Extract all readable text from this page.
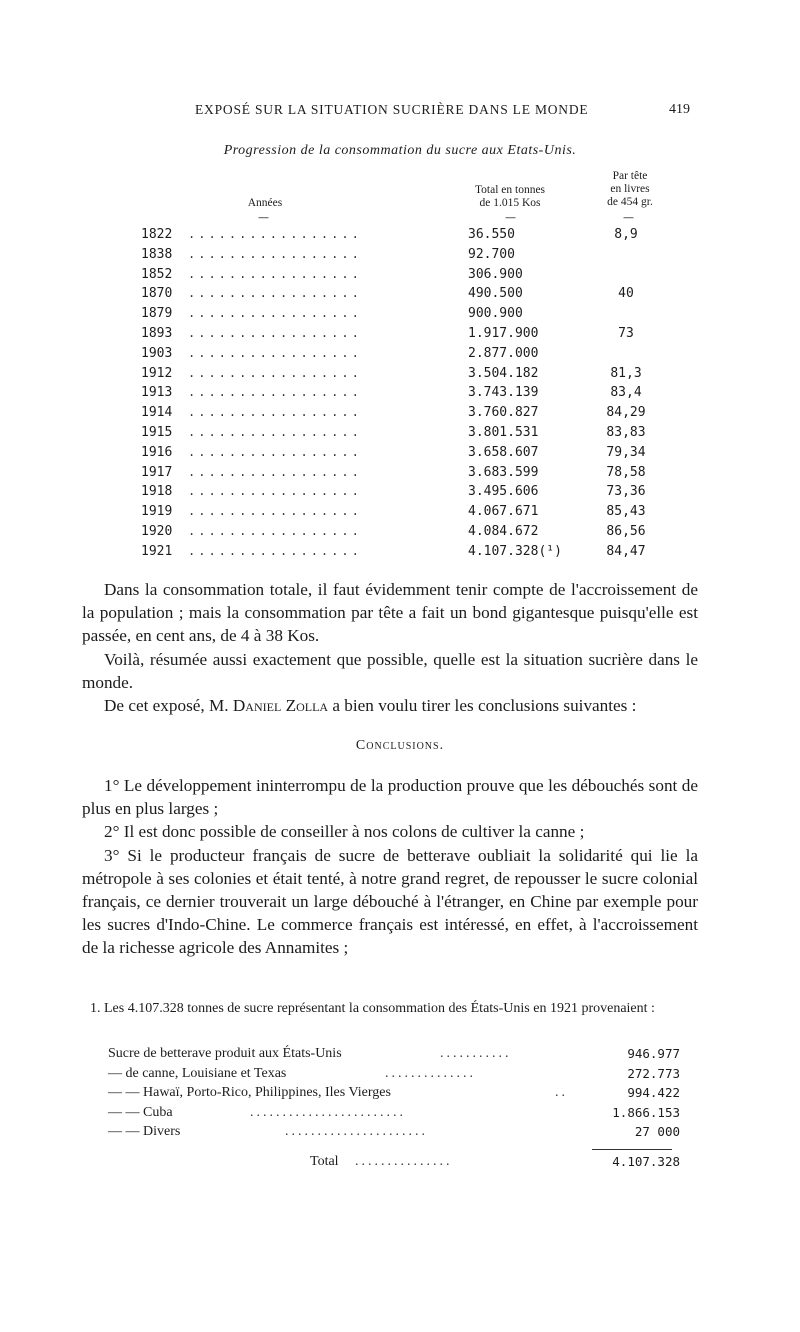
EXPOSÉ SUR LA SITUATION SUCRIÈRE DANS LE MONDE	419
Progression de la consommation du sucre aux Etats-Unis.
Par tête
en livres
de 454 gr.
Total en tonnes
de 1.015 Kos
Années
—	—	—
1822 .................	36.550	8,9
1838 .................	92.700
1852 .................	306.900
1870 .................	490.500	40
1879 .................	900.900
1893 .................	1.917.900	73
1903 .................	2.877.000
1912 .................	3.504.182	81,3
1913 .................	3.743.139	83,4
1914 .................	3.760.827	84,29
1915 .................	3.801.531	83,83
1916 .................	3.658.607	79,34
1917 .................	3.683.599	78,58
1918 .................	3.495.606	73,36
1919 .................	4.067.671	85,43
1920 .................	4.084.672	86,56
1921 .................	4.107.328(¹)	84,47
Dans la consommation totale, il faut évidemment tenir compte de l'accroissement de la population ; mais la consommation par tête a fait un bond gigantesque puisqu'elle est passée, en cent ans, de 4 à 38 Kos.
Voilà, résumée aussi exactement que possible, quelle est la situation sucrière dans le monde.
De cet exposé, M. Daniel Zolla a bien voulu tirer les conclusions suivantes :
Conclusions.
1° Le développement ininterrompu de la production prouve que les débouchés sont de plus en plus larges ;
2° Il est donc possible de conseiller à nos colons de cultiver la canne ;
3° Si le producteur français de sucre de betterave oubliait la solidarité qui lie la métropole à ses colonies et était tenté, à notre grand regret, de repousser le sucre colonial français, ce dernier trouverait un large débouché à l'étranger, en Chine par exemple pour les sucres d'Indo-Chine. Le commerce français est intéressé, en effet, à l'accroissement de la richesse agricole des Annamites ;
1. Les 4.107.328 tonnes de sucre représentant la consommation des États-Unis en 1921 provenaient :
Sucre de betterave produit aux États-Unis	...........	946.977
— de canne, Louisiane et Texas	..............	272.773
— — Hawaï, Porto-Rico, Philippines, Iles Vierges	..	994.422
— — Cuba	........................	1.866.153
— — Divers	......................	27 000
Total ...............	4.107.328
